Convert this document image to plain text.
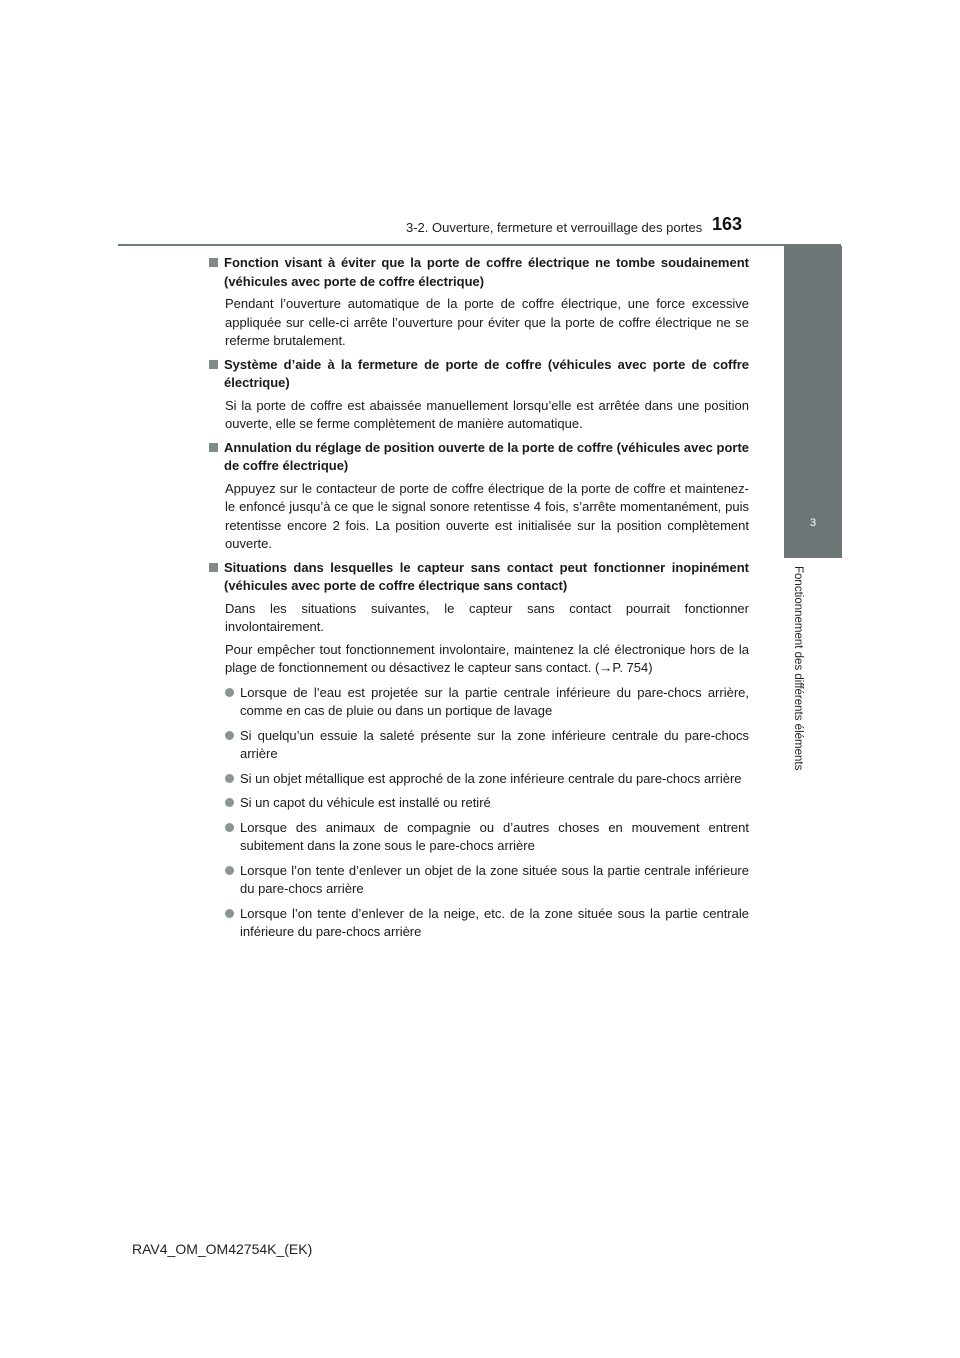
3-2. Ouverture, fermeture et verrouillage des portes 163
3
Fonctionnement des différents éléments
Fonction visant à éviter que la porte de coffre électrique ne tombe soudainement (véhicules avec porte de coffre électrique)
Pendant l’ouverture automatique de la porte de coffre électrique, une force excessive appliquée sur celle-ci arrête l’ouverture pour éviter que la porte de coffre électrique ne se referme brutalement.
Système d’aide à la fermeture de porte de coffre (véhicules avec porte de coffre électrique)
Si la porte de coffre est abaissée manuellement lorsqu’elle est arrêtée dans une position ouverte, elle se ferme complètement de manière automatique.
Annulation du réglage de position ouverte de la porte de coffre (véhicules avec porte de coffre électrique)
Appuyez sur le contacteur de porte de coffre électrique de la porte de coffre et maintenez-le enfoncé jusqu’à ce que le signal sonore retentisse 4 fois, s’arrête momentanément, puis retentisse encore 2 fois. La position ouverte est initialisée sur la position complètement ouverte.
Situations dans lesquelles le capteur sans contact peut fonctionner inopinément (véhicules avec porte de coffre électrique sans contact)
Dans les situations suivantes, le capteur sans contact pourrait fonctionner involontairement.
Pour empêcher tout fonctionnement involontaire, maintenez la clé électronique hors de la plage de fonctionnement ou désactivez le capteur sans contact. (→P. 754)
Lorsque de l’eau est projetée sur la partie centrale inférieure du pare-chocs arrière, comme en cas de pluie ou dans un portique de lavage
Si quelqu’un essuie la saleté présente sur la zone inférieure centrale du pare-chocs arrière
Si un objet métallique est approché de la zone inférieure centrale du pare-chocs arrière
Si un capot du véhicule est installé ou retiré
Lorsque des animaux de compagnie ou d’autres choses en mouvement entrent subitement dans la zone sous le pare-chocs arrière
Lorsque l’on tente d’enlever un objet de la zone située sous la partie centrale inférieure du pare-chocs arrière
Lorsque l’on tente d’enlever de la neige, etc. de la zone située sous la partie centrale inférieure du pare-chocs arrière
RAV4_OM_OM42754K_(EK)
